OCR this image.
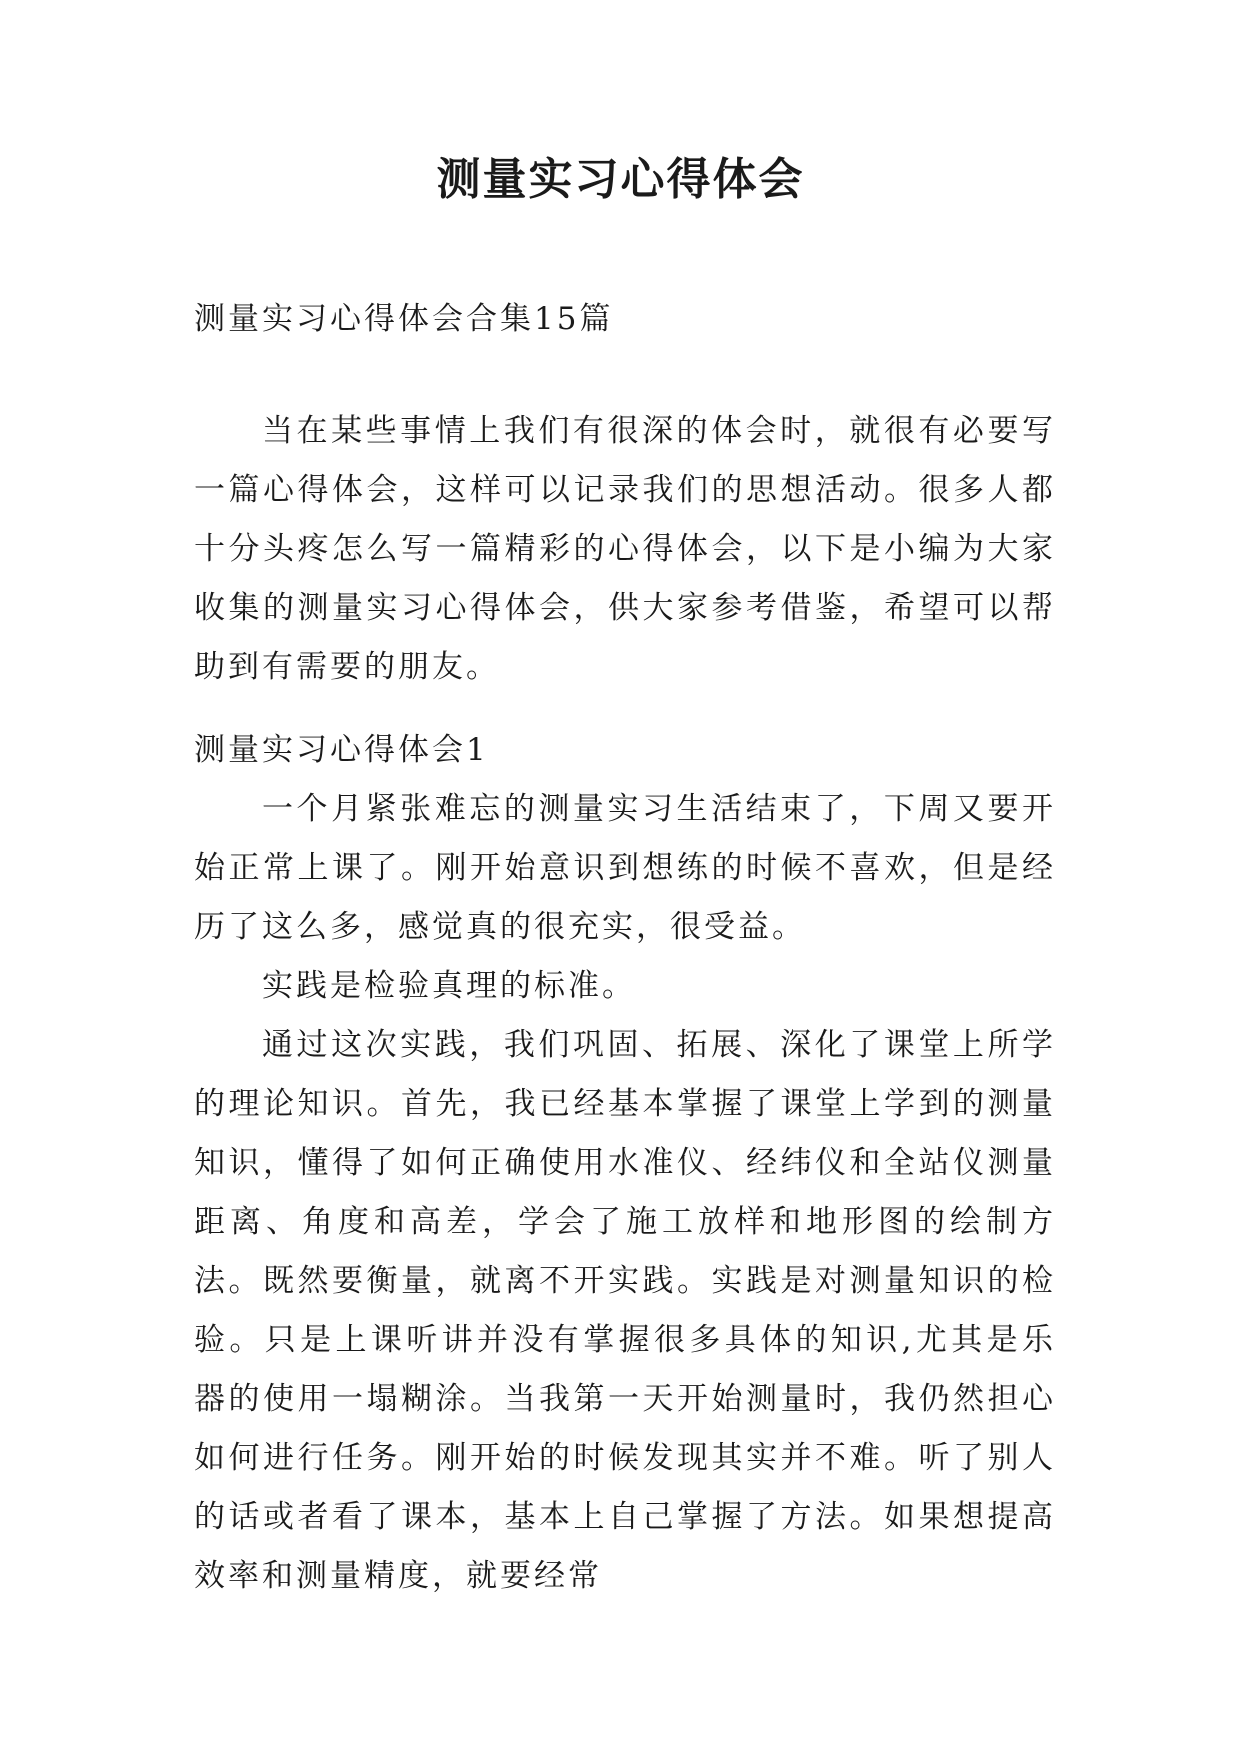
测量实习心得体会

测量实习心得体会合集15篇

当在某些事情上我们有很深的体会时，就很有必要写一篇心得体会，这样可以记录我们的思想活动。很多人都十分头疼怎么写一篇精彩的心得体会，以下是小编为大家收集的测量实习心得体会，供大家参考借鉴，希望可以帮助到有需要的朋友。

测量实习心得体会1

一个月紧张难忘的测量实习生活结束了，下周又要开始正常上课了。刚开始意识到想练的时候不喜欢，但是经历了这么多，感觉真的很充实，很受益。

实践是检验真理的标准。

通过这次实践，我们巩固、拓展、深化了课堂上所学的理论知识。首先，我已经基本掌握了课堂上学到的测量知识，懂得了如何正确使用水准仪、经纬仪和全站仪测量距离、角度和高差，学会了施工放样和地形图的绘制方法。既然要衡量，就离不开实践。实践是对测量知识的检验。只是上课听讲并没有掌握很多具体的知识,尤其是乐器的使用一塌糊涂。当我第一天开始测量时，我仍然担心如何进行任务。刚开始的时候发现其实并不难。听了别人的话或者看了课本，基本上自己掌握了方法。如果想提高效率和测量精度，就要经常
